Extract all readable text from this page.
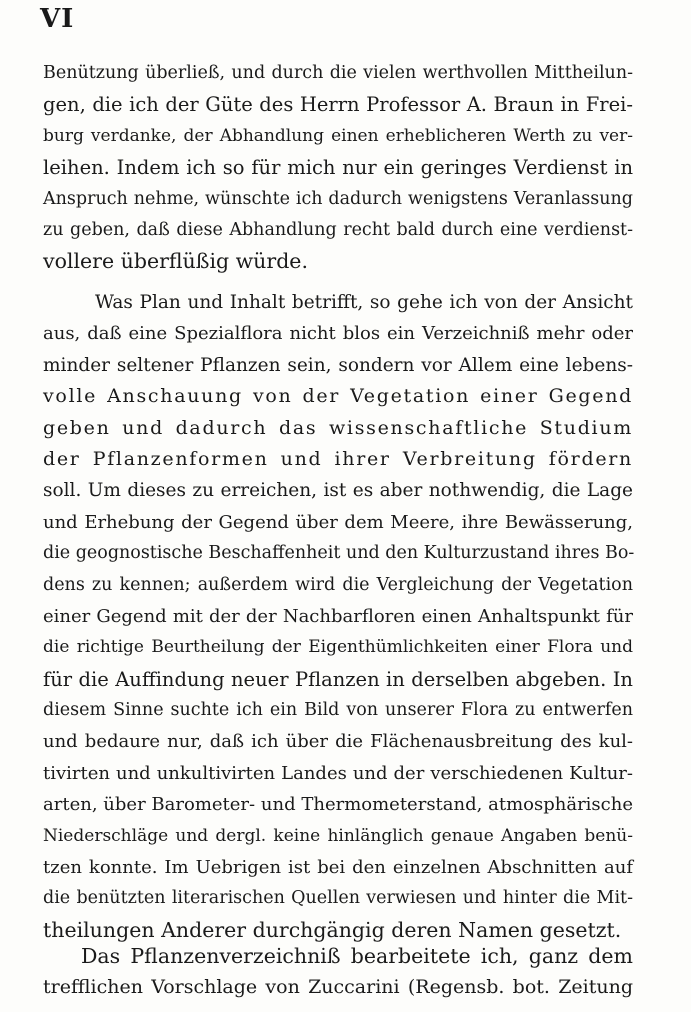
VI
Benützung überließ, und durch die vielen werthvollen Mittheilun-
gen, die ich der Güte des Herrn Professor A. Braun in Frei-
burg verdanke, der Abhandlung einen erheblicheren Werth zu ver-
leihen. Indem ich so für mich nur ein geringes Verdienst in
Anspruch nehme, wünschte ich dadurch wenigstens Veranlassung
zu geben, daß diese Abhandlung recht bald durch eine verdienst-
vollere überflüßig würde.
Was Plan und Inhalt betrifft, so gehe ich von der Ansicht
aus, daß eine Spezialflora nicht blos ein Verzeichniß mehr oder
minder seltener Pflanzen sein, sondern vor Allem eine lebens-
volle Anschauung von der Vegetation einer Gegend
geben und dadurch das wissenschaftliche Studium
der Pflanzenformen und ihrer Verbreitung fördern
soll. Um dieses zu erreichen, ist es aber nothwendig, die Lage
und Erhebung der Gegend über dem Meere, ihre Bewässerung,
die geognostische Beschaffenheit und den Kulturzustand ihres Bo-
dens zu kennen; außerdem wird die Vergleichung der Vegetation
einer Gegend mit der der Nachbarfloren einen Anhaltspunkt für
die richtige Beurtheilung der Eigenthümlichkeiten einer Flora und
für die Auffindung neuer Pflanzen in derselben abgeben. In
diesem Sinne suchte ich ein Bild von unserer Flora zu entwerfen
und bedaure nur, daß ich über die Flächenausbreitung des kul-
tivirten und unkultivirten Landes und der verschiedenen Kultur-
arten, über Barometer- und Thermometerstand, atmosphärische
Niederschläge und dergl. keine hinlänglich genaue Angaben benü-
tzen konnte. Im Uebrigen ist bei den einzelnen Abschnitten auf
die benützten literarischen Quellen verwiesen und hinter die Mit-
theilungen Anderer durchgängig deren Namen gesetzt.
Das Pflanzenverzeichniß bearbeitete ich, ganz dem
trefflichen Vorschlage von Zuccarini (Regensb. bot. Zeitung
